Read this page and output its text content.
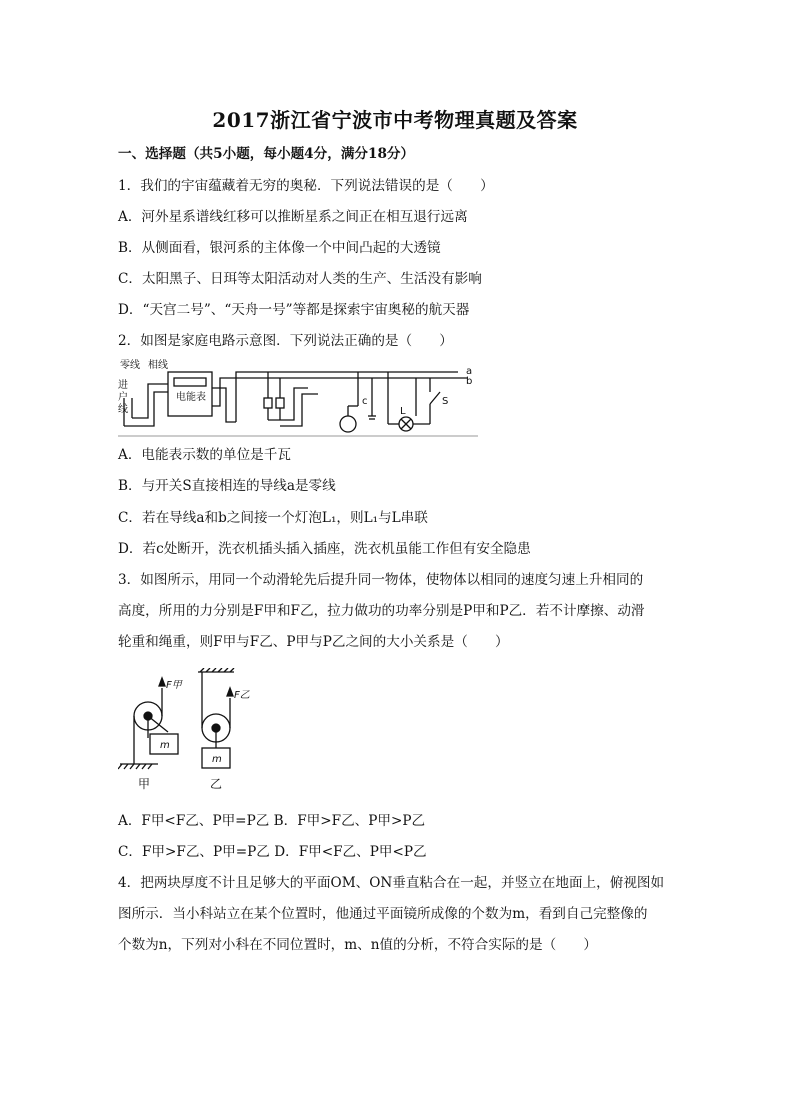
2017浙江省宁波市中考物理真题及答案
一、选择题（共5小题，每小题4分，满分18分）
1．我们的宇宙蕴藏着无穷的奥秘．下列说法错误的是（　　）
A．河外星系谱线红移可以推断星系之间正在相互退行远离
B．从侧面看，银河系的主体像一个中间凸起的大透镜
C．太阳黑子、日珥等太阳活动对人类的生产、生活没有影响
D．“天宫二号”、“天舟一号”等都是探索宇宙奥秘的航天器
2．如图是家庭电路示意图．下列说法正确的是（　　）
零线 相线
进
户
线
电能表
a
b
c
L
S
A．电能表示数的单位是千瓦
B．与开关S直接相连的导线a是零线
C．若在导线a和b之间接一个灯泡L₁，则L₁与L串联
D．若c处断开，洗衣机插头插入插座，洗衣机虽能工作但有安全隐患
3．如图所示，用同一个动滑轮先后提升同一物体，使物体以相同的速度匀速上升相同的
高度，所用的力分别是F甲和F乙，拉力做功的功率分别是P甲和P乙．若不计摩擦、动滑
轮重和绳重，则F甲与F乙、P甲与P乙之间的大小关系是（　　）
F甲
F乙
m
m
甲	乙
A．F甲<F乙、P甲=P乙 B．F甲>F乙、P甲>P乙
C．F甲>F乙、P甲=P乙 D．F甲<F乙、P甲<P乙
4．把两块厚度不计且足够大的平面OM、ON垂直粘合在一起，并竖立在地面上，俯视图如
图所示．当小科站立在某个位置时，他通过平面镜所成像的个数为m，看到自己完整像的
个数为n，下列对小科在不同位置时，m、n值的分析，不符合实际的是（　　）
